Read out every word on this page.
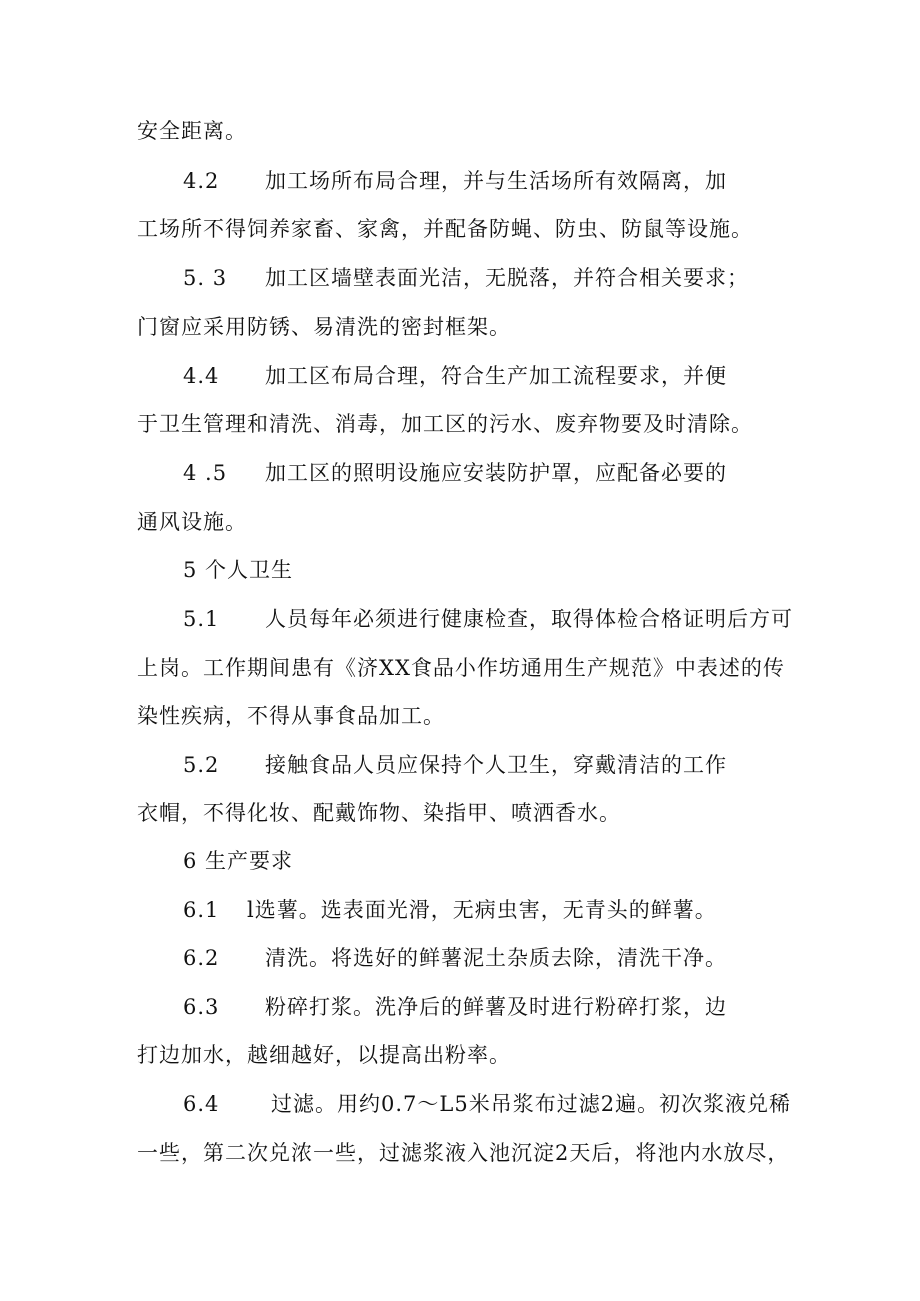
安全距离。
4.2 加工场所布局合理，并与生活场所有效隔离，加
工场所不得饲养家畜、家禽，并配备防蝇、防虫、防鼠等设施。
5. 3 加工区墙壁表面光洁，无脱落，并符合相关要求；
门窗应采用防锈、易清洗的密封框架。
4.4 加工区布局合理，符合生产加工流程要求，并便
于卫生管理和清洗、消毒，加工区的污水、废弃物要及时清除。
4 .5 加工区的照明设施应安装防护罩，应配备必要的
通风设施。
5 个人卫生
5.1 人员每年必须进行健康检查，取得体检合格证明后方可
上岗。工作期间患有《济XX食品小作坊通用生产规范》中表述的传
染性疾病，不得从事食品加工。
5.2 接触食品人员应保持个人卫生，穿戴清洁的工作
衣帽，不得化妆、配戴饰物、染指甲、喷洒香水。
6 生产要求
6.1 l选薯。选表面光滑，无病虫害，无青头的鲜薯。
6.2 清洗。将选好的鲜薯泥土杂质去除，清洗干净。
6.3 粉碎打浆。洗净后的鲜薯及时进行粉碎打浆，边
打边加水，越细越好，以提高出粉率。
6.4 过滤。用约0.7～L5米吊浆布过滤2遍。初次浆液兑稀
一些，第二次兑浓一些，过滤浆液入池沉淀2天后，将池内水放尽，
